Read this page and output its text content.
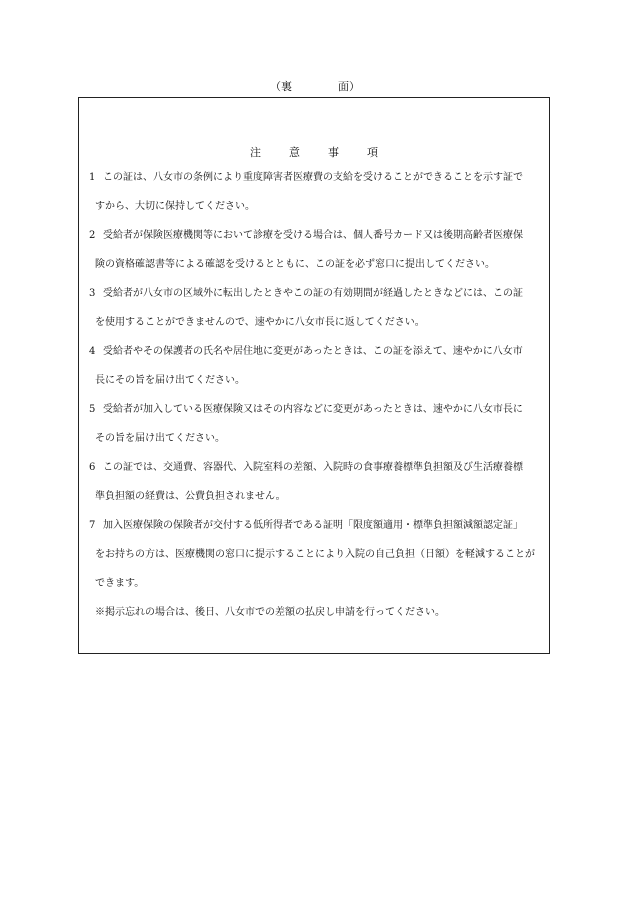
（裏	面）
注	意	事	項
1 この証は、八女市の条例により重度障害者医療費の支給を受けることができることを示す証で
すから、大切に保持してください。
2 受給者が保険医療機関等において診療を受ける場合は、個人番号カード又は後期高齢者医療保
険の資格確認書等による確認を受けるとともに、この証を必ず窓口に提出してください。
3 受給者が八女市の区域外に転出したときやこの証の有効期間が経過したときなどには、この証
を使用することができませんので、速やかに八女市長に返してください。
4 受給者やその保護者の氏名や居住地に変更があったときは、この証を添えて、速やかに八女市
長にその旨を届け出てください。
5 受給者が加入している医療保険又はその内容などに変更があったときは、速やかに八女市長に
その旨を届け出てください。
6 この証では、交通費、容器代、入院室料の差額、入院時の食事療養標準負担額及び生活療養標
準負担額の経費は、公費負担されません。
7 加入医療保険の保険者が交付する低所得者である証明「限度額適用・標準負担額減額認定証」
をお持ちの方は、医療機関の窓口に提示することにより入院の自己負担（日額）を軽減することが
できます。
※掲示忘れの場合は、後日、八女市での差額の払戻し申請を行ってください。
